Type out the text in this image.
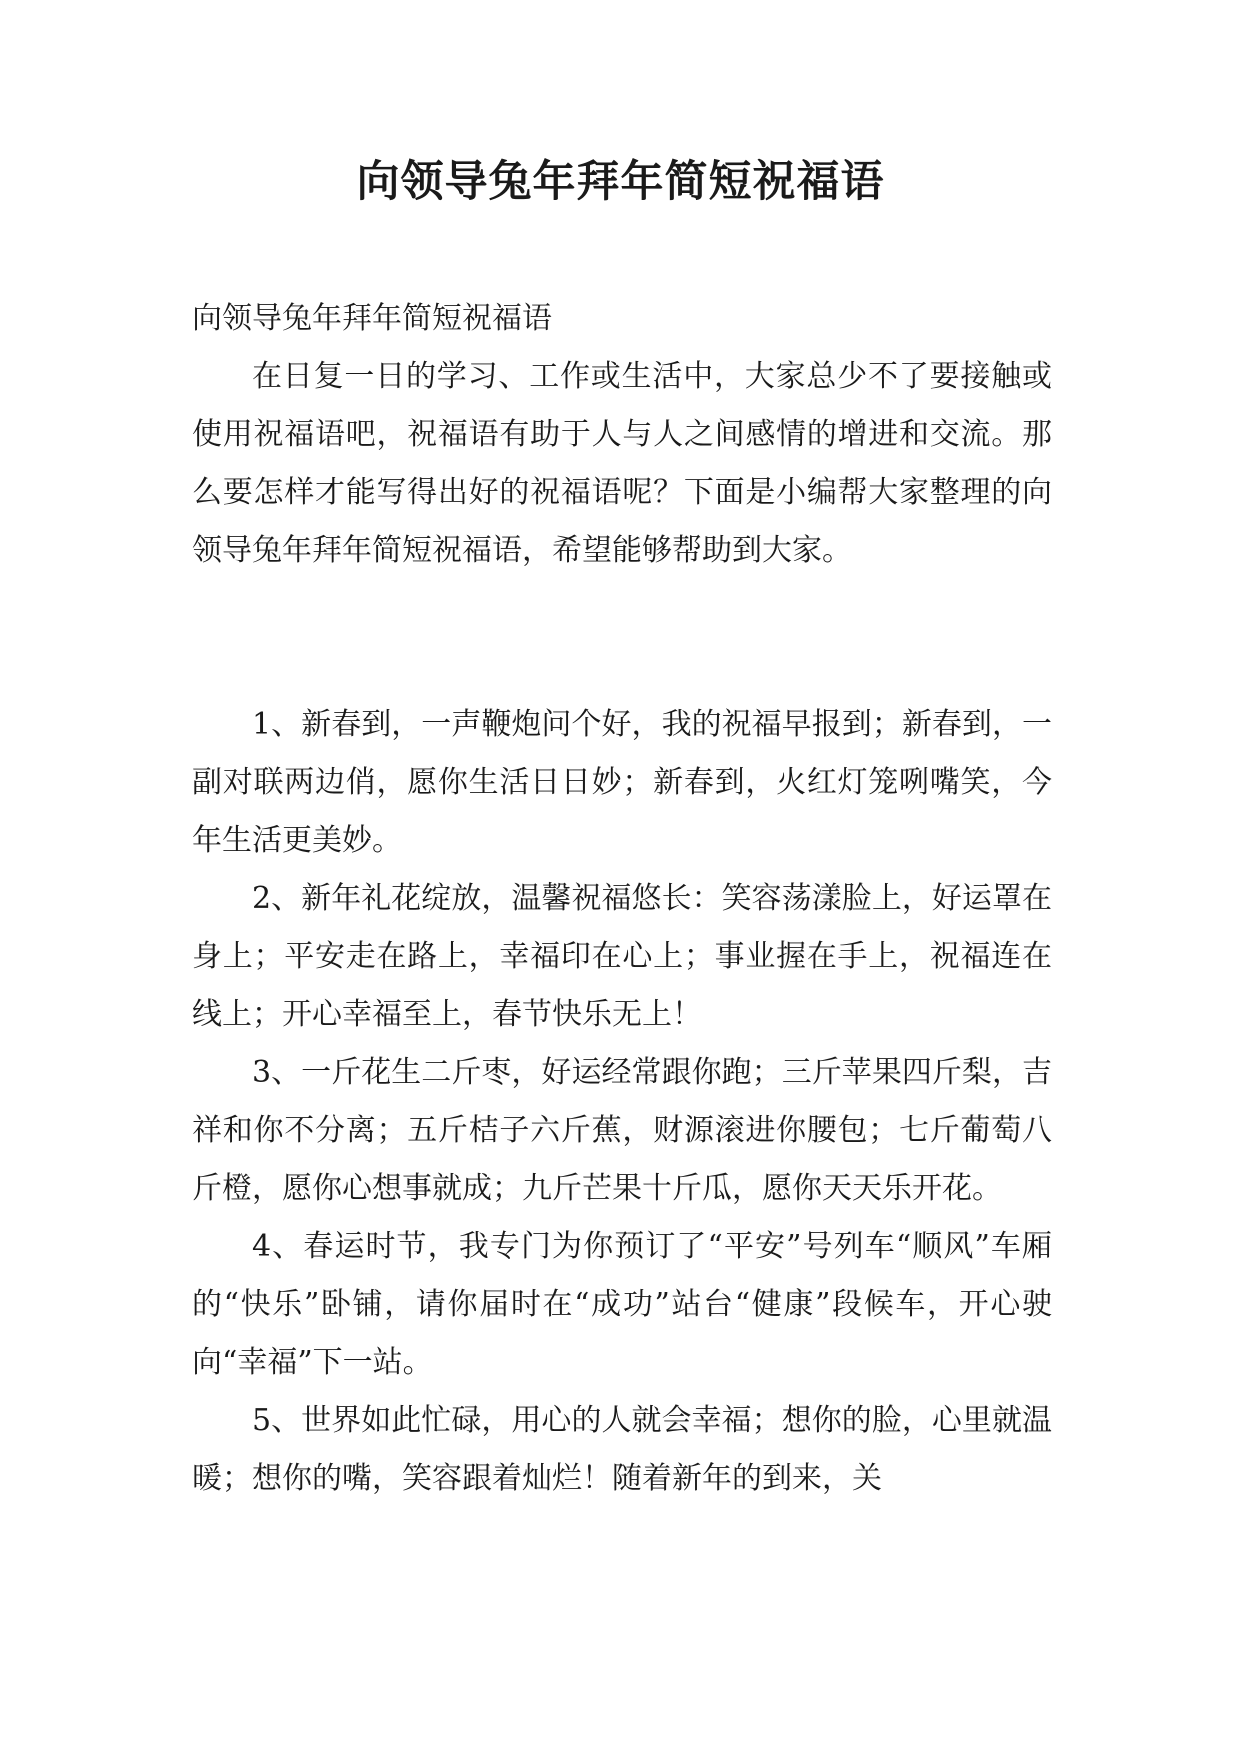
向领导兔年拜年简短祝福语

向领导兔年拜年简短祝福语

在日复一日的学习、工作或生活中，大家总少不了要接触或使用祝福语吧，祝福语有助于人与人之间感情的增进和交流。那么要怎样才能写得出好的祝福语呢？下面是小编帮大家整理的向领导兔年拜年简短祝福语，希望能够帮助到大家。

1、新春到，一声鞭炮问个好，我的祝福早报到；新春到，一副对联两边俏，愿你生活日日妙；新春到，火红灯笼咧嘴笑，今年生活更美妙。

2、新年礼花绽放，温馨祝福悠长：笑容荡漾脸上，好运罩在身上；平安走在路上，幸福印在心上；事业握在手上，祝福连在线上；开心幸福至上，春节快乐无上！

3、一斤花生二斤枣，好运经常跟你跑；三斤苹果四斤梨，吉祥和你不分离；五斤桔子六斤蕉，财源滚进你腰包；七斤葡萄八斤橙，愿你心想事就成；九斤芒果十斤瓜，愿你天天乐开花。

4、春运时节，我专门为你预订了“平安”号列车“顺风”车厢的“快乐”卧铺，请你届时在“成功”站台“健康”段候车，开心驶向“幸福”下一站。

5、世界如此忙碌，用心的人就会幸福；想你的脸，心里就温暖；想你的嘴，笑容跟着灿烂！随着新年的到来，关
